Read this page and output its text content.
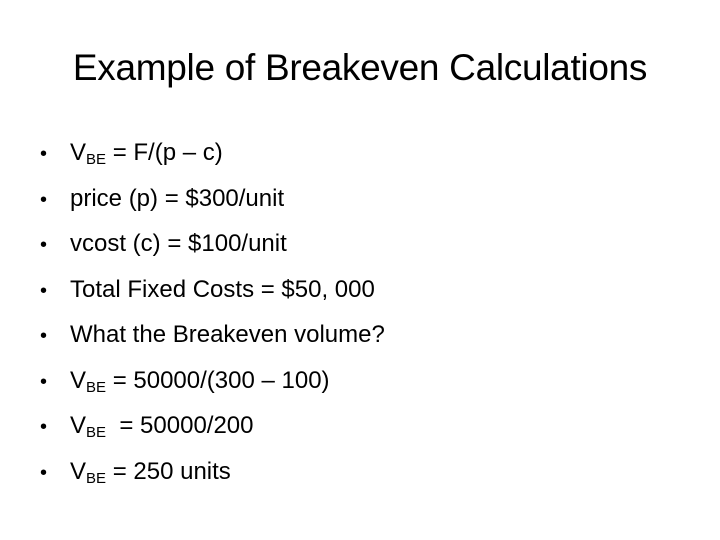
Example of Breakeven Calculations
• $V_{BE} = F/(p - c)$
• price (p) = $300/unit
• vcost (c) = $100/unit
• Total Fixed Costs = $50, 000
• What the Breakeven volume?
• $V_{BE} = 50000/(300 - 100)$
• $V_{BE} = 50000/200$
• $V_{BE} = 250$ units
